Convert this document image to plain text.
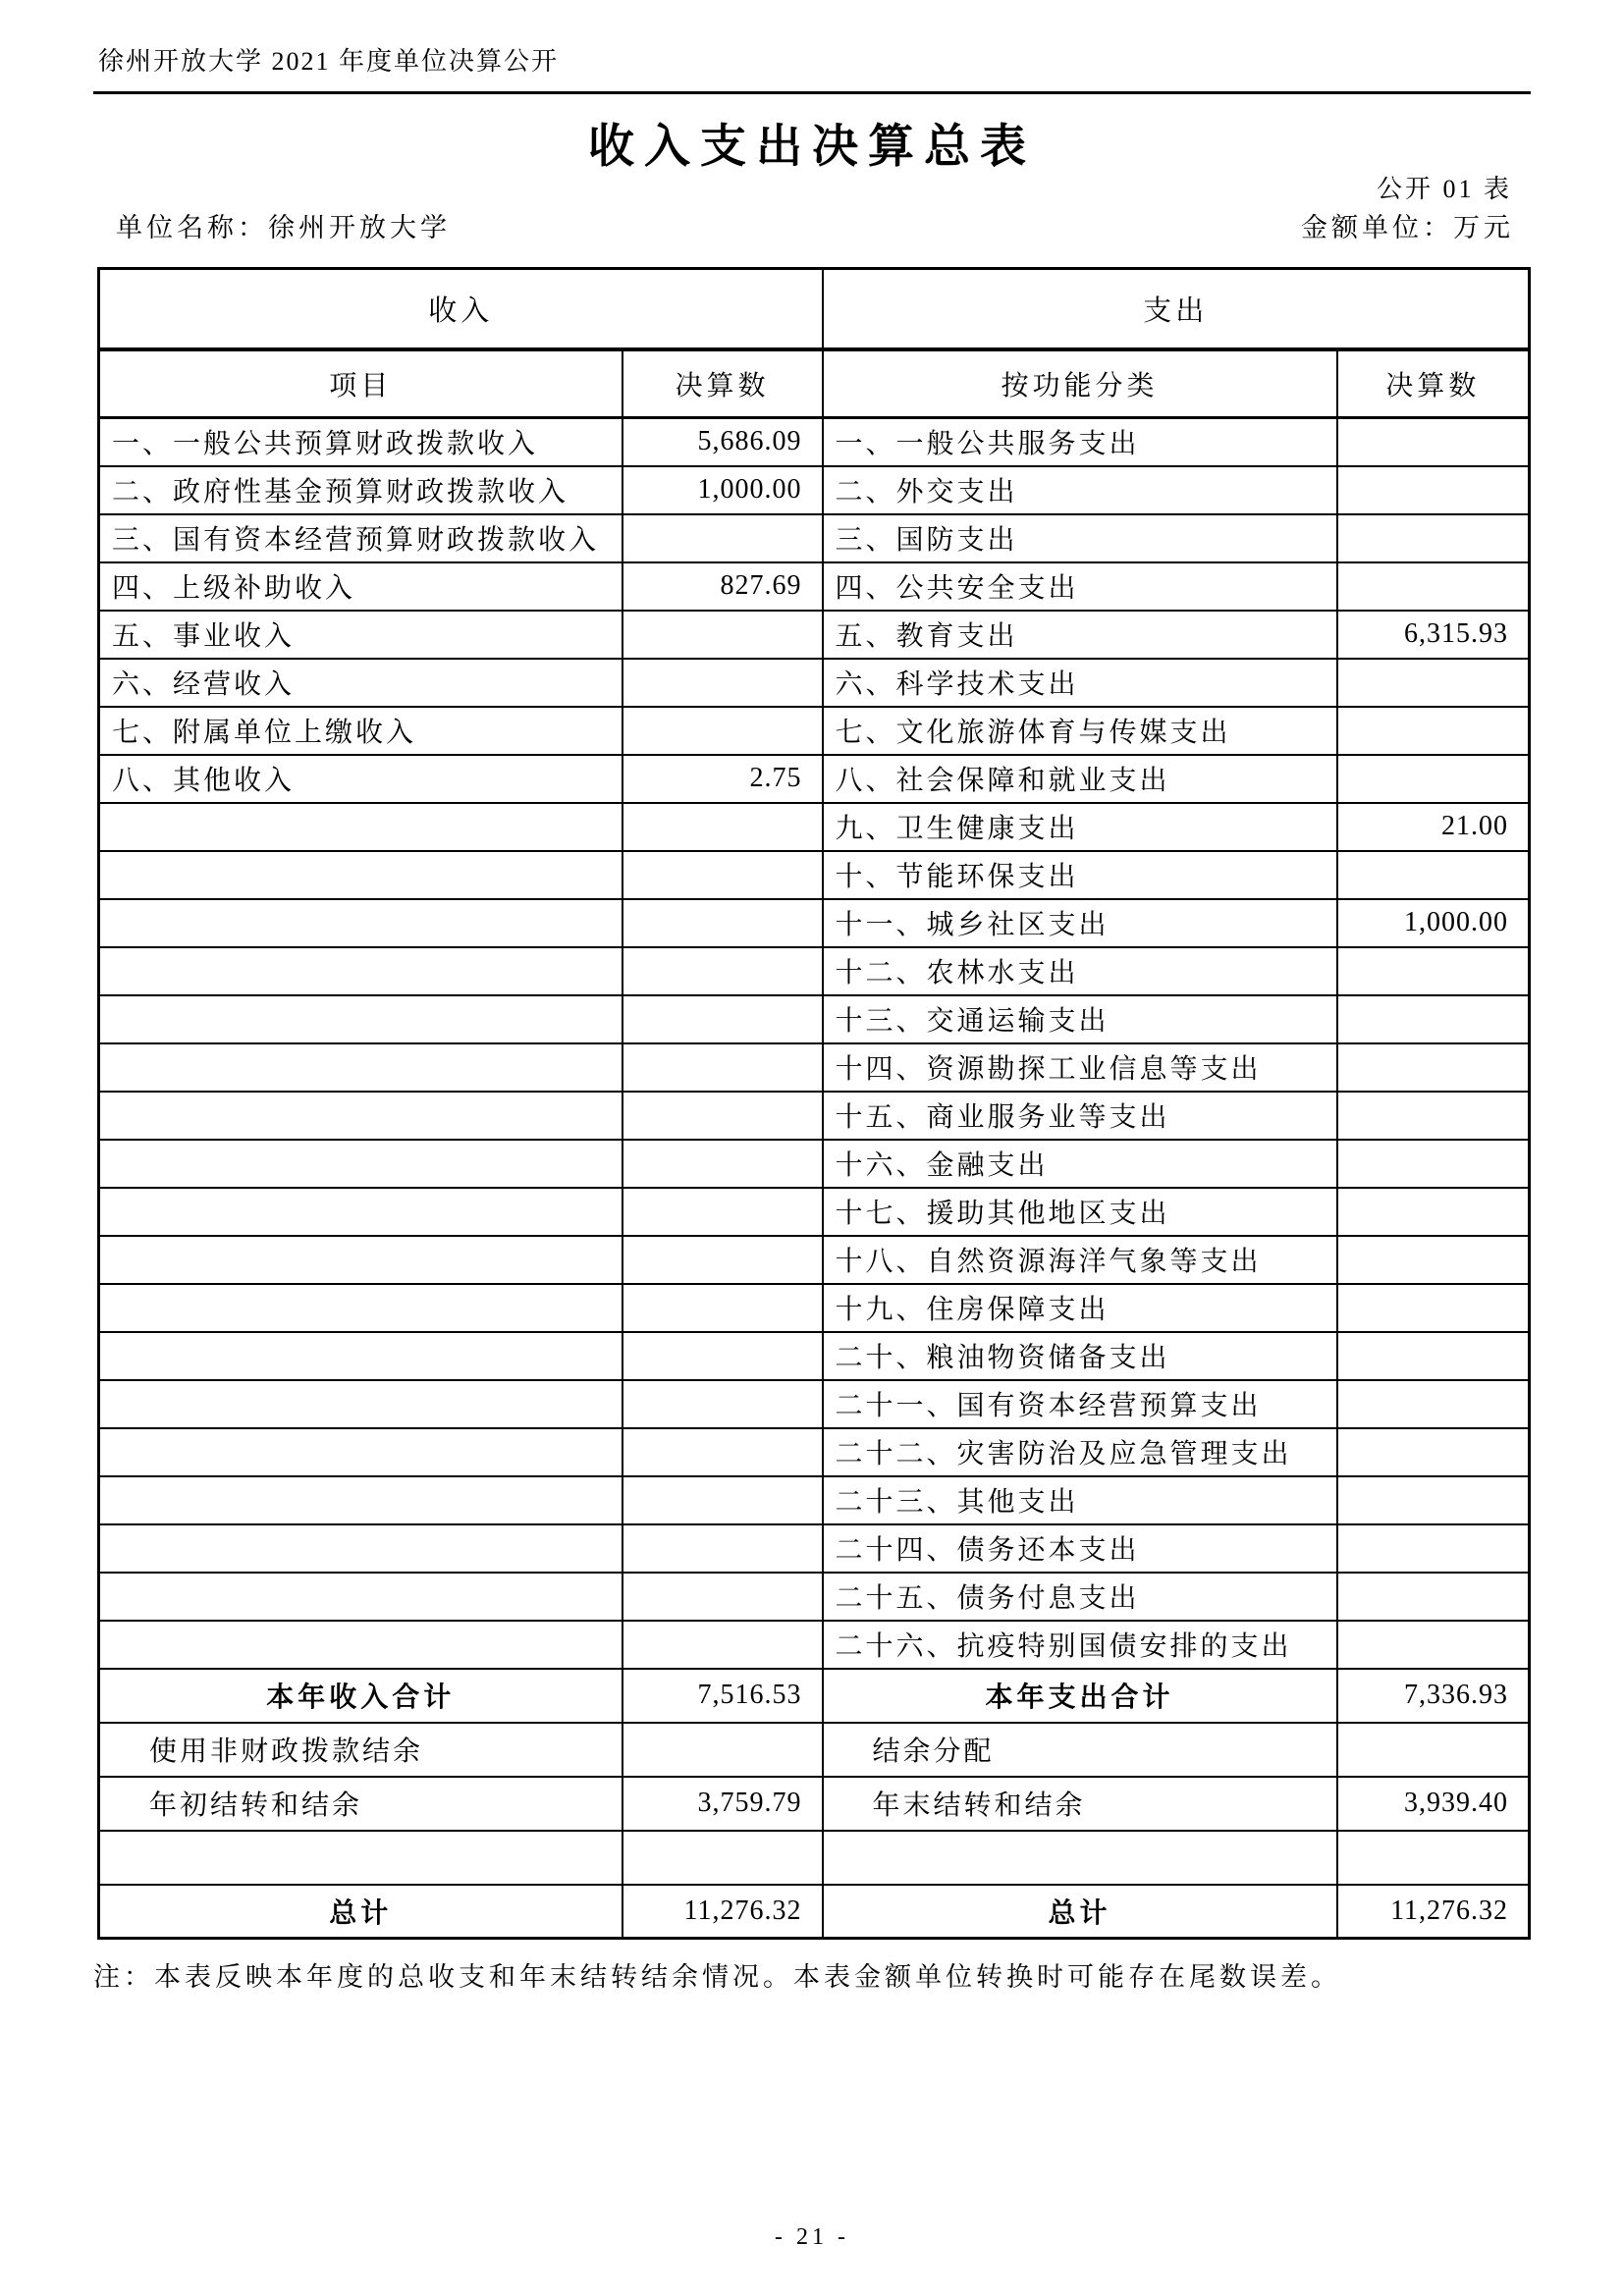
徐州开放大学 2021 年度单位决算公开
收入支出决算总表
公开 01 表
单位名称：徐州开放大学	金额单位：万元
收入		支出	
项目	决算数	按功能分类	决算数
一、一般公共预算财政拨款收入	5,686.09	一、一般公共服务支出	
二、政府性基金预算财政拨款收入	1,000.00	二、外交支出	
三、国有资本经营预算财政拨款收入		三、国防支出	
四、上级补助收入	827.69	四、公共安全支出	
五、事业收入		五、教育支出	6,315.93
六、经营收入		六、科学技术支出	
七、附属单位上缴收入		七、文化旅游体育与传媒支出	
八、其他收入	2.75	八、社会保障和就业支出	
		九、卫生健康支出	21.00
		十、节能环保支出	
		十一、城乡社区支出	1,000.00
		十二、农林水支出	
		十三、交通运输支出	
		十四、资源勘探工业信息等支出	
		十五、商业服务业等支出	
		十六、金融支出	
		十七、援助其他地区支出	
		十八、自然资源海洋气象等支出	
		十九、住房保障支出	
		二十、粮油物资储备支出	
		二十一、国有资本经营预算支出	
		二十二、灾害防治及应急管理支出	
		二十三、其他支出	
		二十四、债务还本支出	
		二十五、债务付息支出	
		二十六、抗疫特别国债安排的支出	
本年收入合计	7,516.53	本年支出合计	7,336.93
使用非财政拨款结余		结余分配	
年初结转和结余	3,759.79	年末结转和结余	3,939.40

总计	11,276.32	总计	11,276.32
注：本表反映本年度的总收支和年末结转结余情况。本表金额单位转换时可能存在尾数误差。
- 21 -
